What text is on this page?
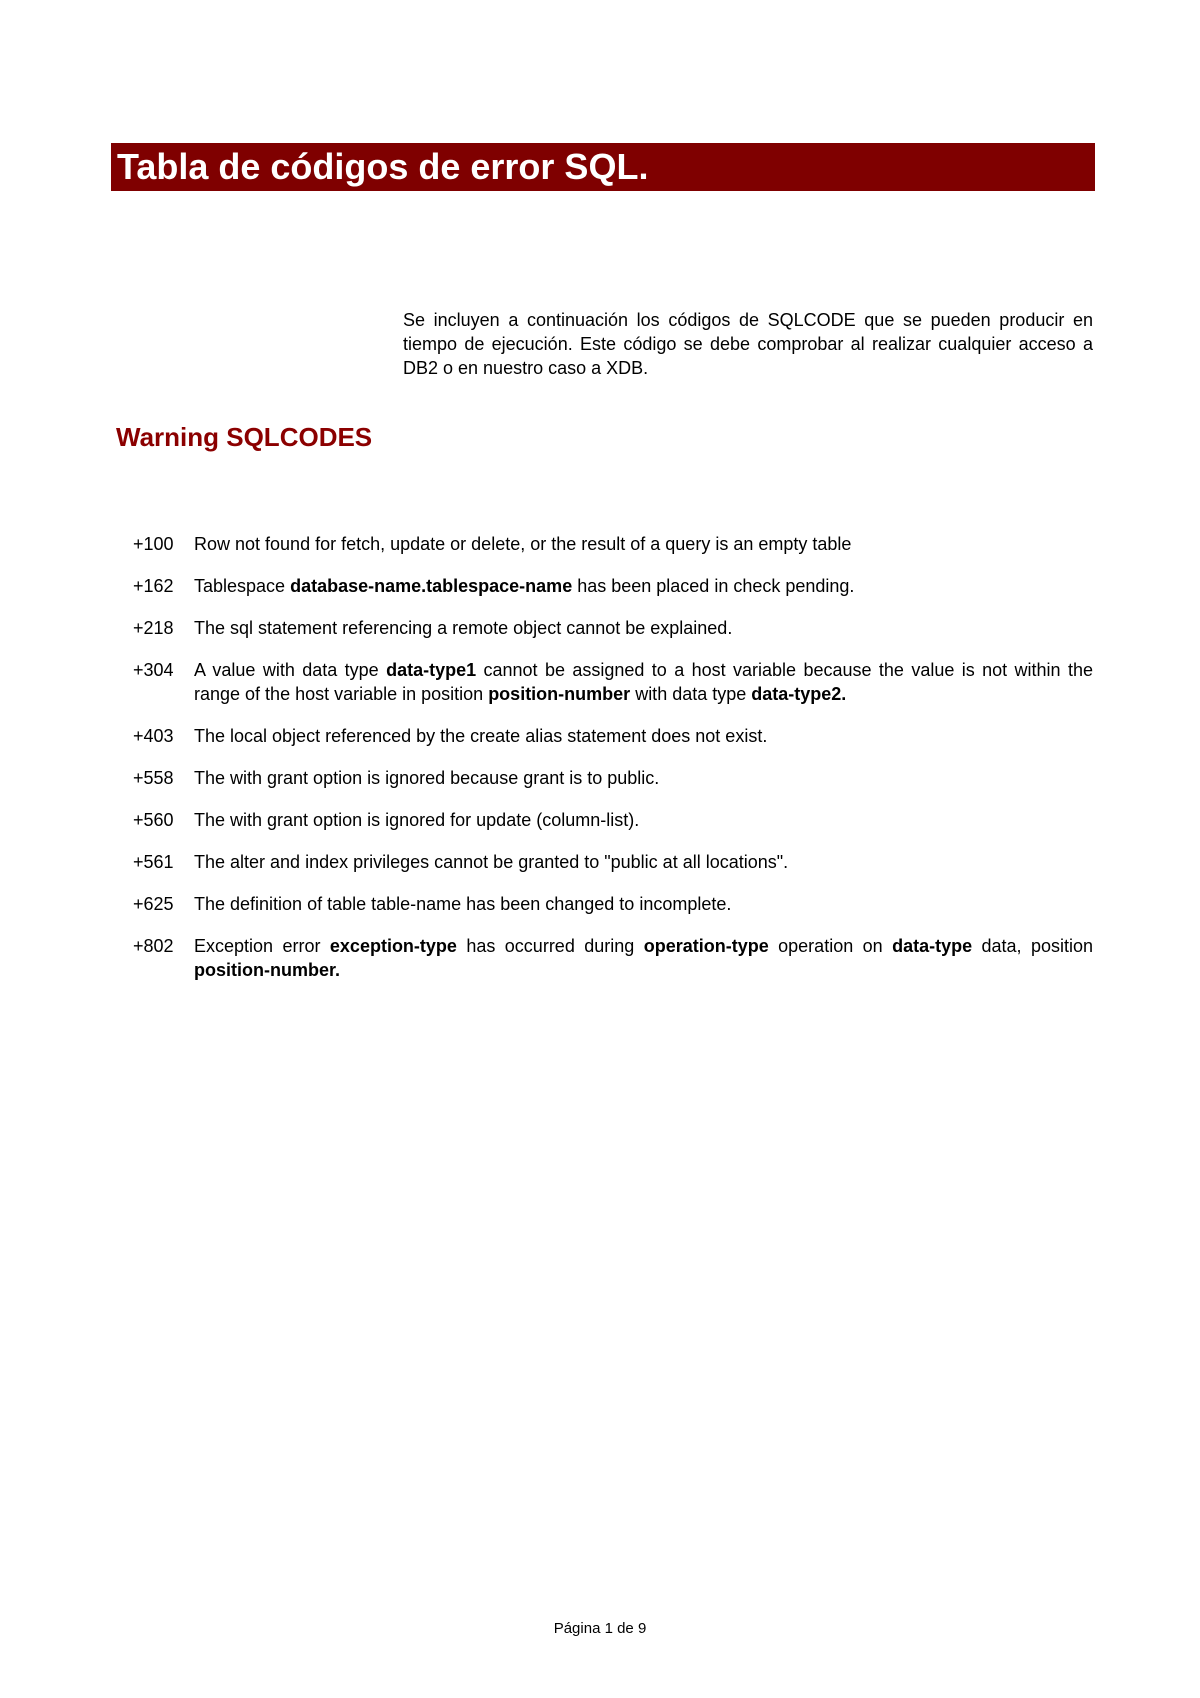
Tabla de códigos de error SQL.

Se incluyen a continuación los códigos de SQLCODE que se pueden producir en tiempo de ejecución. Este código se debe comprobar al realizar cualquier acceso a DB2 o en nuestro caso a XDB.

Warning SQLCODES
+100	Row not found for fetch, update or delete, or the result of a query is an empty table
+162	Tablespace database-name.tablespace-name has been placed in check pending.
+218	The sql statement referencing a remote object cannot be explained.
+304	A value with data type data-type1 cannot be assigned to a host variable because the value is not within the range of the host variable in position position-number with data type data-type2.
+403	The local object referenced by the create alias statement does not exist.
+558	The with grant option is ignored because grant is to public.
+560	The with grant option is ignored for update (column-list).
+561	The alter and index privileges cannot be granted to "public at all locations".
+625	The definition of table table-name has been changed to incomplete.
+802	Exception error exception-type has occurred during operation-type operation on data-type data, position position-number.
Página 1 de 9
